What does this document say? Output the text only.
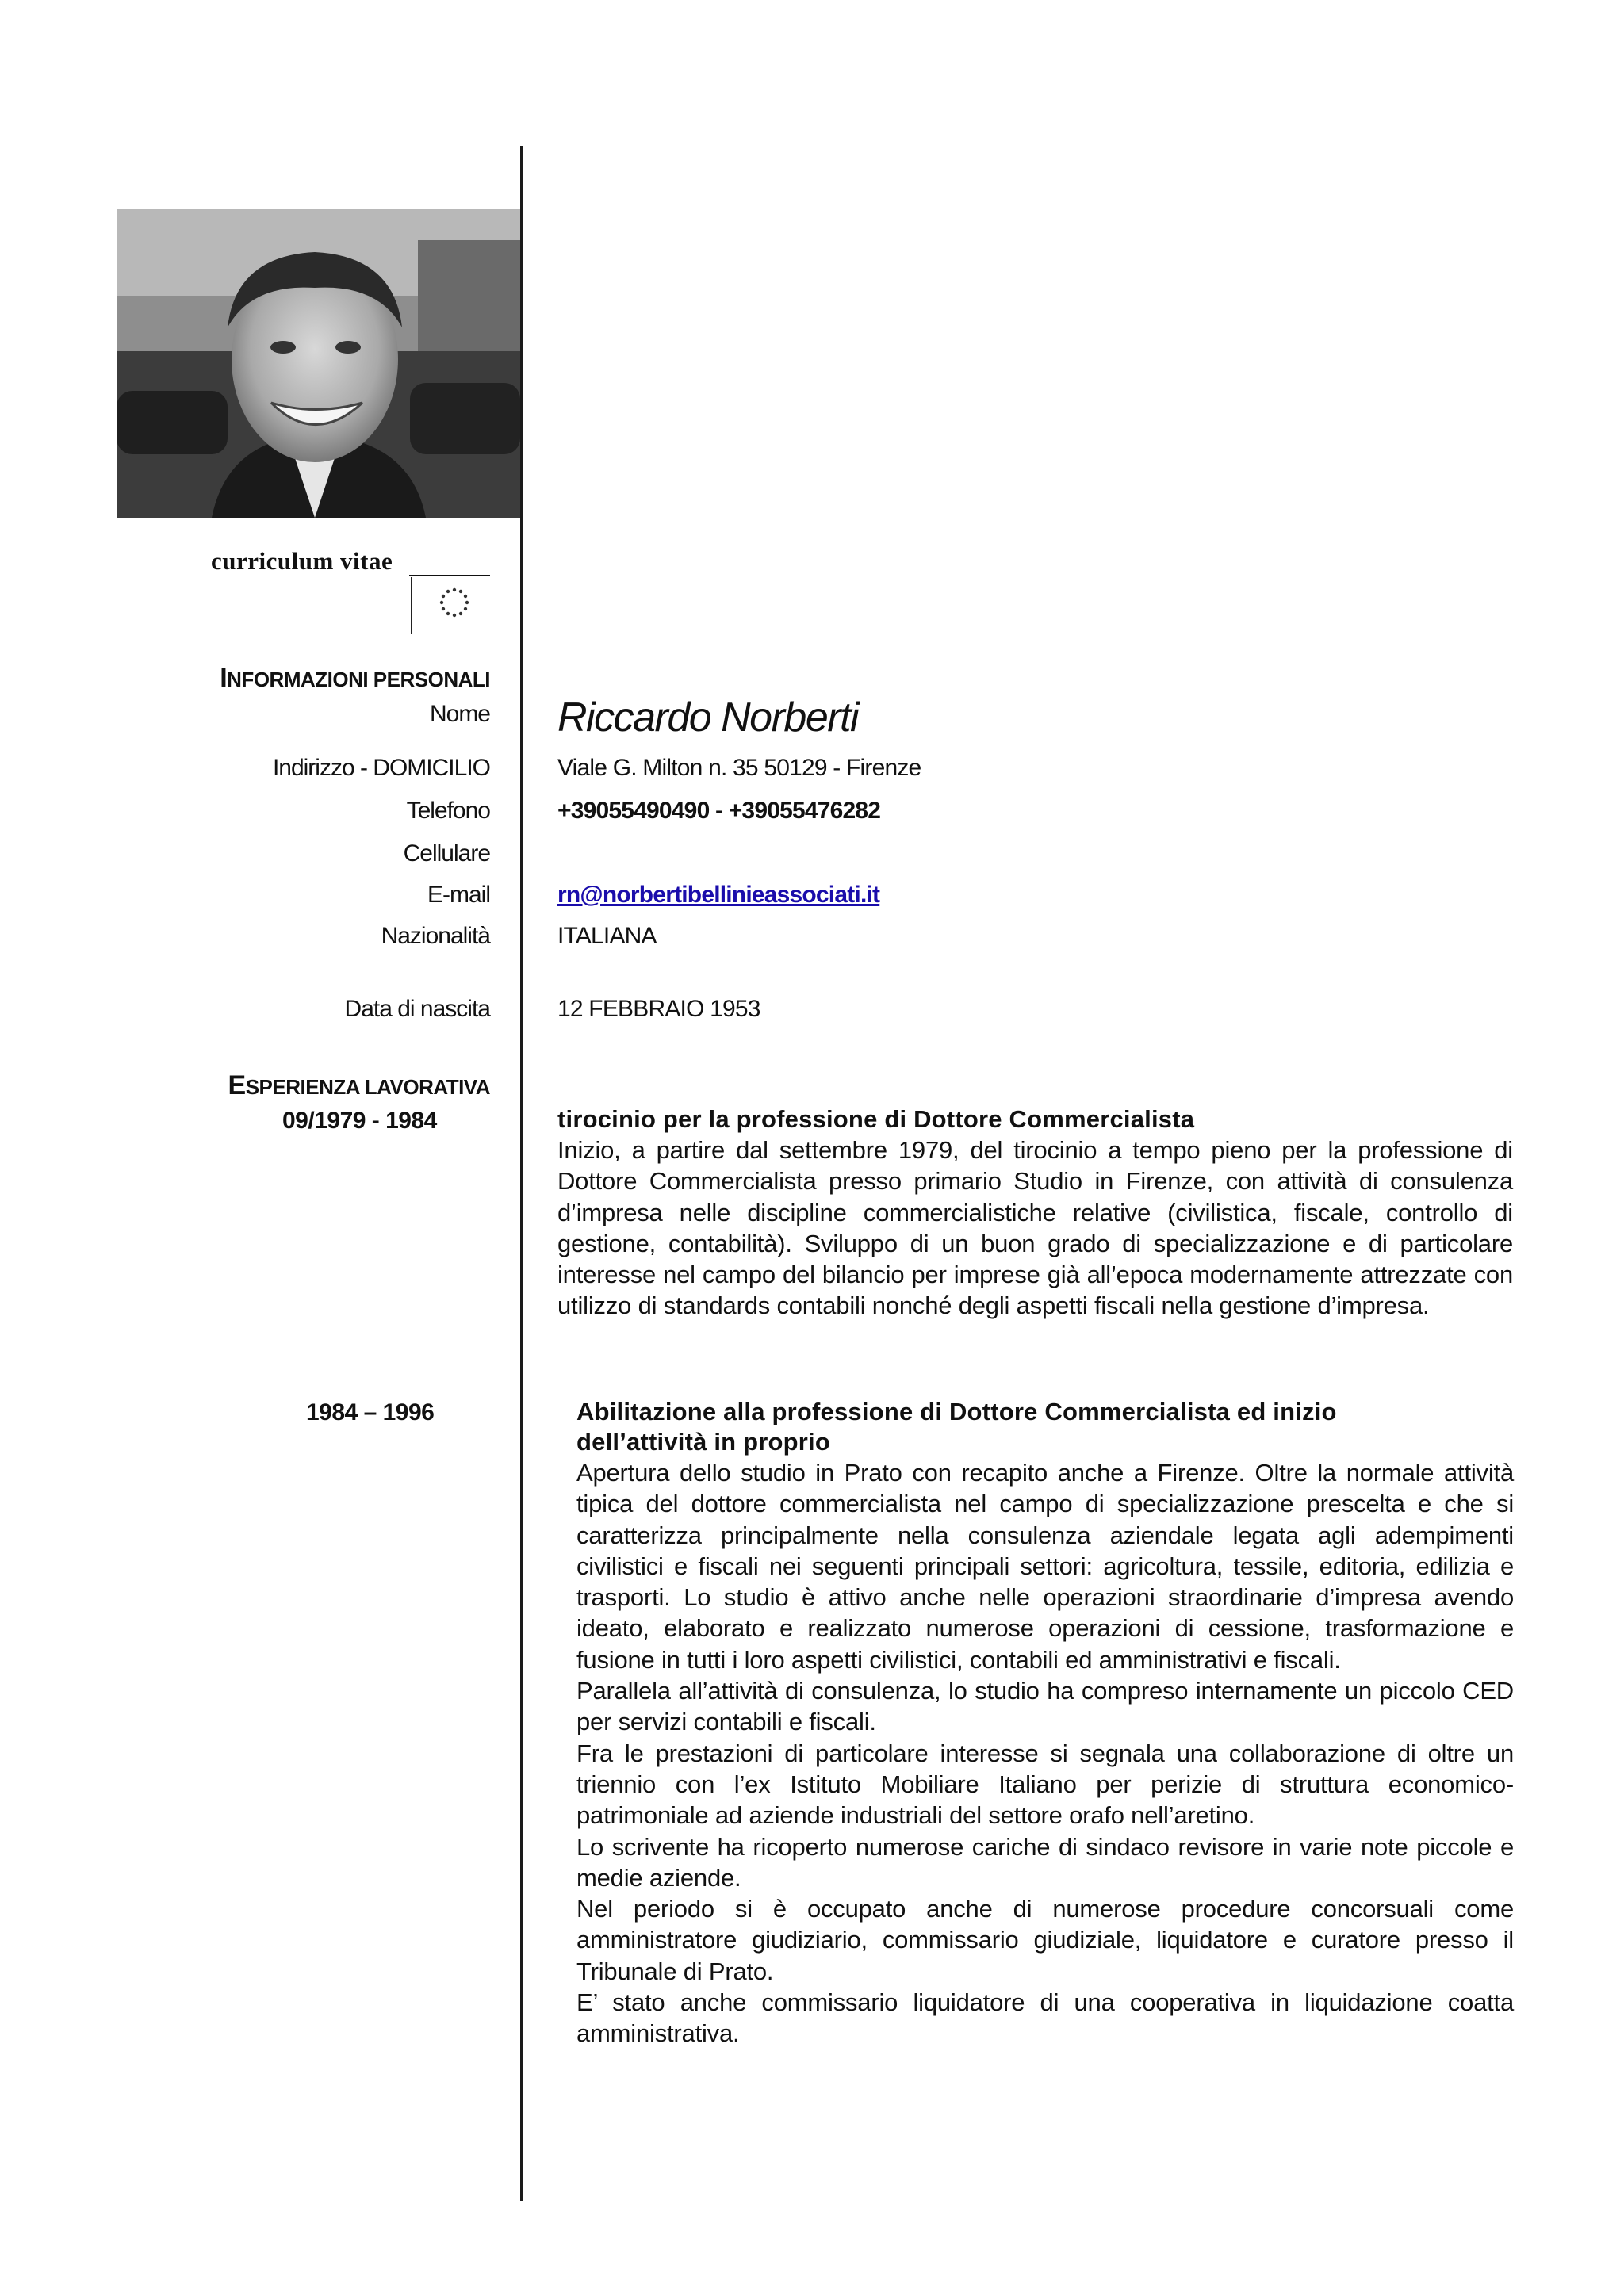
curriculum vitae
INFORMAZIONI PERSONALI
Nome Riccardo Norberti
Indirizzo - DOMICILIO	Viale G. Milton n. 35 50129 - Firenze
Telefono	+39055490490 - +39055476282
Cellulare
E-mail	rn@norbertibellinieassociati.it
Nazionalità	ITALIANA
Data di nascita	12 FEBBRAIO 1953
ESPERIENZA LAVORATIVA
09/1979 - 1984	tirocinio per la professione di Dottore Commercialista

Inizio, a partire dal settembre 1979, del tirocinio a tempo pieno per la professione di Dottore Commercialista presso primario Studio in Firenze, con attività di consulenza d’impresa nelle discipline commercialistiche relative (civilistica, fiscale, controllo di gestione, contabilità). Sviluppo di un buon grado di specializzazione e di particolare interesse nel campo del bilancio per imprese già all’epoca modernamente attrezzate con utilizzo di standards contabili nonché degli aspetti fiscali nella gestione d’impresa.

1984 – 1996	Abilitazione alla professione di Dottore Commercialista ed inizio dell’attività in proprio

Apertura dello studio in Prato con recapito anche a Firenze. Oltre la normale attività tipica del dottore commercialista nel campo di specializzazione prescelta e che si caratterizza principalmente nella consulenza aziendale legata agli adempimenti civilistici e fiscali nei seguenti principali settori: agricoltura, tessile, editoria, edilizia e trasporti. Lo studio è attivo anche nelle operazioni straordinarie d’impresa avendo ideato, elaborato e realizzato numerose operazioni di cessione, trasformazione e fusione in tutti i loro aspetti civilistici, contabili ed amministrativi e fiscali.

Parallela all’attività di consulenza, lo studio ha compreso internamente un piccolo CED per servizi contabili e fiscali.

Fra le prestazioni di particolare interesse si segnala una collaborazione di oltre un triennio con l’ex Istituto Mobiliare Italiano per perizie di struttura economico-patrimoniale ad aziende industriali del settore orafo nell’aretino.

Lo scrivente ha ricoperto numerose cariche di sindaco revisore in varie note piccole e medie aziende.

Nel periodo si è occupato anche di numerose procedure concorsuali come amministratore giudiziario, commissario giudiziale, liquidatore e curatore presso il Tribunale di Prato.

E’ stato anche commissario liquidatore di una cooperativa in liquidazione coatta amministrativa.
